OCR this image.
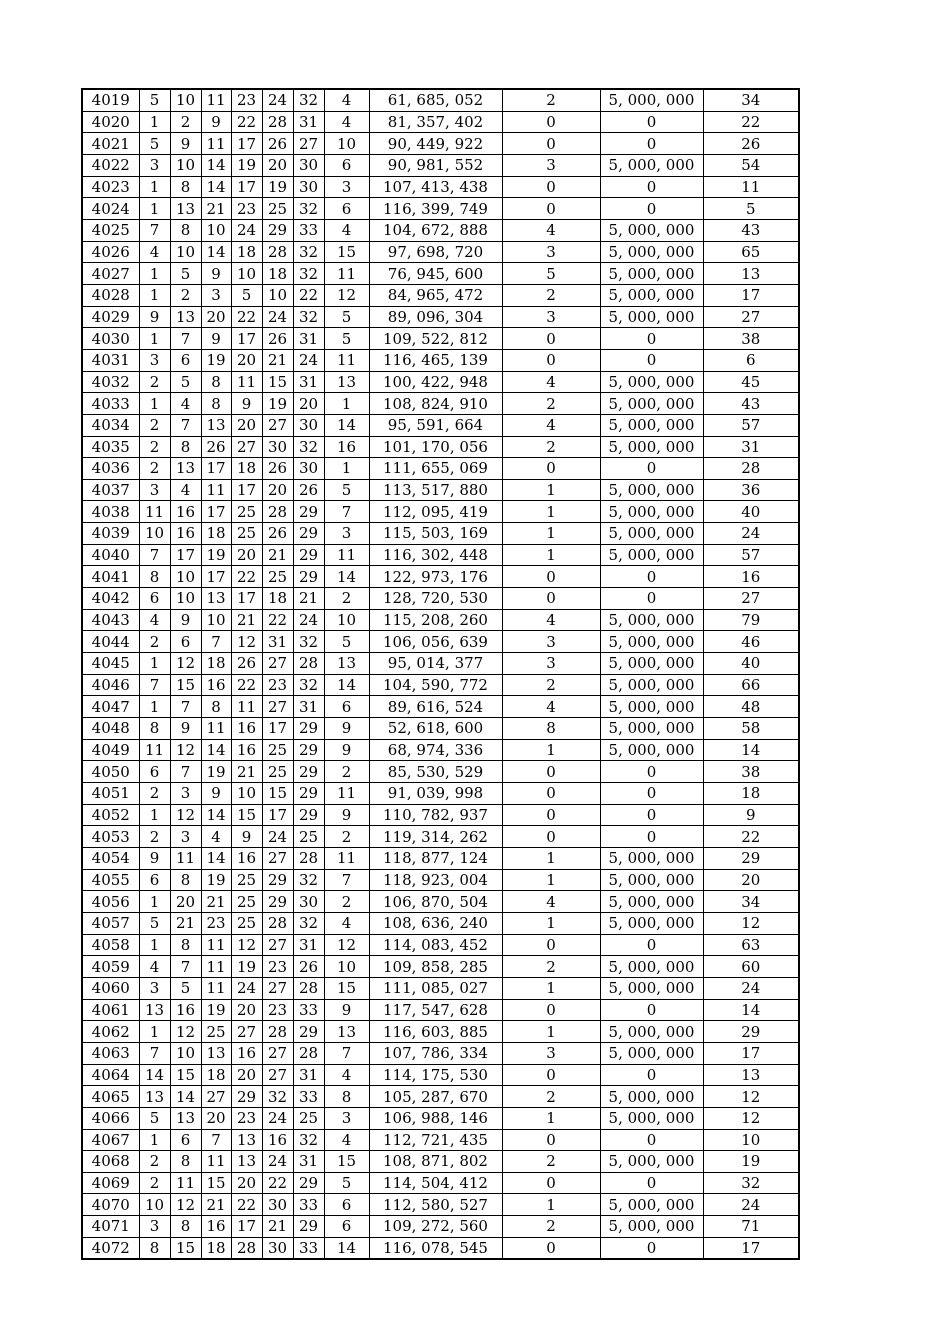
4019	5	10	11	23	24	32	4	61, 685, 052	2	5, 000, 000	34
4020	1	2	9	22	28	31	4	81, 357, 402	0	0	22
4021	5	9	11	17	26	27	10	90, 449, 922	0	0	26
4022	3	10	14	19	20	30	6	90, 981, 552	3	5, 000, 000	54
4023	1	8	14	17	19	30	3	107, 413, 438	0	0	11
4024	1	13	21	23	25	32	6	116, 399, 749	0	0	5
4025	7	8	10	24	29	33	4	104, 672, 888	4	5, 000, 000	43
4026	4	10	14	18	28	32	15	97, 698, 720	3	5, 000, 000	65
4027	1	5	9	10	18	32	11	76, 945, 600	5	5, 000, 000	13
4028	1	2	3	5	10	22	12	84, 965, 472	2	5, 000, 000	17
4029	9	13	20	22	24	32	5	89, 096, 304	3	5, 000, 000	27
4030	1	7	9	17	26	31	5	109, 522, 812	0	0	38
4031	3	6	19	20	21	24	11	116, 465, 139	0	0	6
4032	2	5	8	11	15	31	13	100, 422, 948	4	5, 000, 000	45
4033	1	4	8	9	19	20	1	108, 824, 910	2	5, 000, 000	43
4034	2	7	13	20	27	30	14	95, 591, 664	4	5, 000, 000	57
4035	2	8	26	27	30	32	16	101, 170, 056	2	5, 000, 000	31
4036	2	13	17	18	26	30	1	111, 655, 069	0	0	28
4037	3	4	11	17	20	26	5	113, 517, 880	1	5, 000, 000	36
4038	11	16	17	25	28	29	7	112, 095, 419	1	5, 000, 000	40
4039	10	16	18	25	26	29	3	115, 503, 169	1	5, 000, 000	24
4040	7	17	19	20	21	29	11	116, 302, 448	1	5, 000, 000	57
4041	8	10	17	22	25	29	14	122, 973, 176	0	0	16
4042	6	10	13	17	18	21	2	128, 720, 530	0	0	27
4043	4	9	10	21	22	24	10	115, 208, 260	4	5, 000, 000	79
4044	2	6	7	12	31	32	5	106, 056, 639	3	5, 000, 000	46
4045	1	12	18	26	27	28	13	95, 014, 377	3	5, 000, 000	40
4046	7	15	16	22	23	32	14	104, 590, 772	2	5, 000, 000	66
4047	1	7	8	11	27	31	6	89, 616, 524	4	5, 000, 000	48
4048	8	9	11	16	17	29	9	52, 618, 600	8	5, 000, 000	58
4049	11	12	14	16	25	29	9	68, 974, 336	1	5, 000, 000	14
4050	6	7	19	21	25	29	2	85, 530, 529	0	0	38
4051	2	3	9	10	15	29	11	91, 039, 998	0	0	18
4052	1	12	14	15	17	29	9	110, 782, 937	0	0	9
4053	2	3	4	9	24	25	2	119, 314, 262	0	0	22
4054	9	11	14	16	27	28	11	118, 877, 124	1	5, 000, 000	29
4055	6	8	19	25	29	32	7	118, 923, 004	1	5, 000, 000	20
4056	1	20	21	25	29	30	2	106, 870, 504	4	5, 000, 000	34
4057	5	21	23	25	28	32	4	108, 636, 240	1	5, 000, 000	12
4058	1	8	11	12	27	31	12	114, 083, 452	0	0	63
4059	4	7	11	19	23	26	10	109, 858, 285	2	5, 000, 000	60
4060	3	5	11	24	27	28	15	111, 085, 027	1	5, 000, 000	24
4061	13	16	19	20	23	33	9	117, 547, 628	0	0	14
4062	1	12	25	27	28	29	13	116, 603, 885	1	5, 000, 000	29
4063	7	10	13	16	27	28	7	107, 786, 334	3	5, 000, 000	17
4064	14	15	18	20	27	31	4	114, 175, 530	0	0	13
4065	13	14	27	29	32	33	8	105, 287, 670	2	5, 000, 000	12
4066	5	13	20	23	24	25	3	106, 988, 146	1	5, 000, 000	12
4067	1	6	7	13	16	32	4	112, 721, 435	0	0	10
4068	2	8	11	13	24	31	15	108, 871, 802	2	5, 000, 000	19
4069	2	11	15	20	22	29	5	114, 504, 412	0	0	32
4070	10	12	21	22	30	33	6	112, 580, 527	1	5, 000, 000	24
4071	3	8	16	17	21	29	6	109, 272, 560	2	5, 000, 000	71
4072	8	15	18	28	30	33	14	116, 078, 545	0	0	17
